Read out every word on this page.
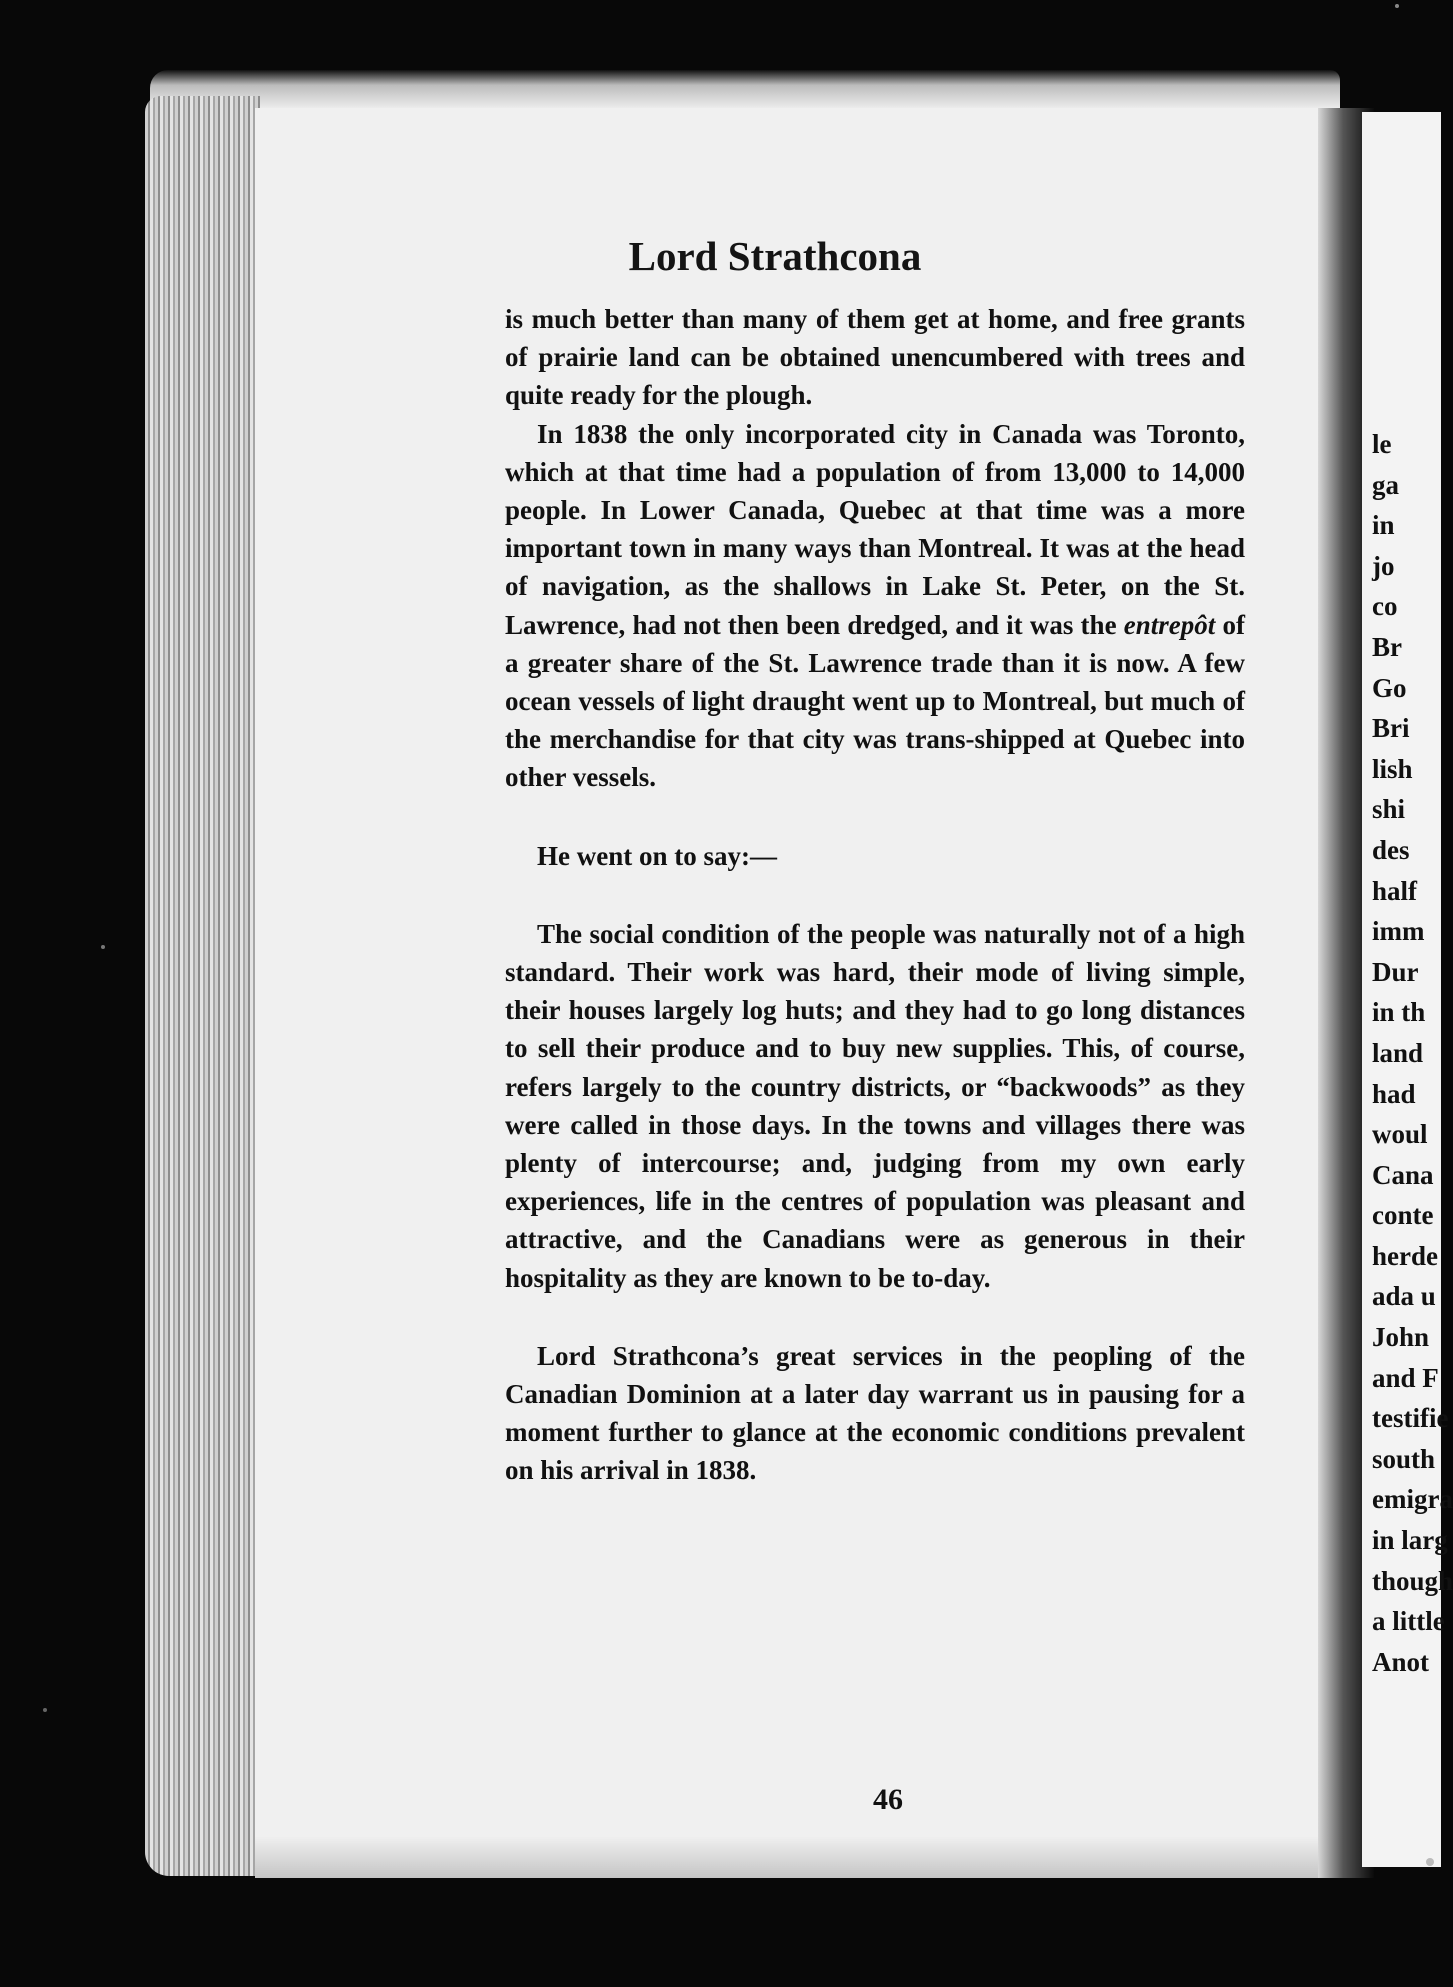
le
ga
in
jo
co
Br
Go
Bri
lish
shi
des
half
imm
Dur
in th
land
had
woul
Cana
conte
herde
ada u
John
and F
testifie
south
emigra
in larg
though
a little
Anot
Lord Strathcona

is much better than many of them get at home, and free grants of prairie land can be obtained unencumbered with trees and quite ready for the plough.

In 1838 the only incorporated city in Canada was Toronto, which at that time had a population of from 13,000 to 14,000 people. In Lower Canada, Quebec at that time was a more important town in many ways than Montreal. It was at the head of navigation, as the shallows in Lake St. Peter, on the St. Lawrence, had not then been dredged, and it was the entrepôt of a greater share of the St. Lawrence trade than it is now. A few ocean vessels of light draught went up to Montreal, but much of the merchandise for that city was trans-shipped at Quebec into other vessels.

He went on to say:—

The social condition of the people was naturally not of a high standard. Their work was hard, their mode of living simple, their houses largely log huts; and they had to go long distances to sell their produce and to buy new supplies. This, of course, refers largely to the country districts, or “backwoods” as they were called in those days. In the towns and villages there was plenty of intercourse; and, judging from my own early experiences, life in the centres of population was pleasant and attractive, and the Canadians were as generous in their hospitality as they are known to be to-day.

Lord Strathcona’s great services in the peopling of the Canadian Dominion at a later day warrant us in pausing for a moment further to glance at the economic conditions prevalent on his arrival in 1838.

46
